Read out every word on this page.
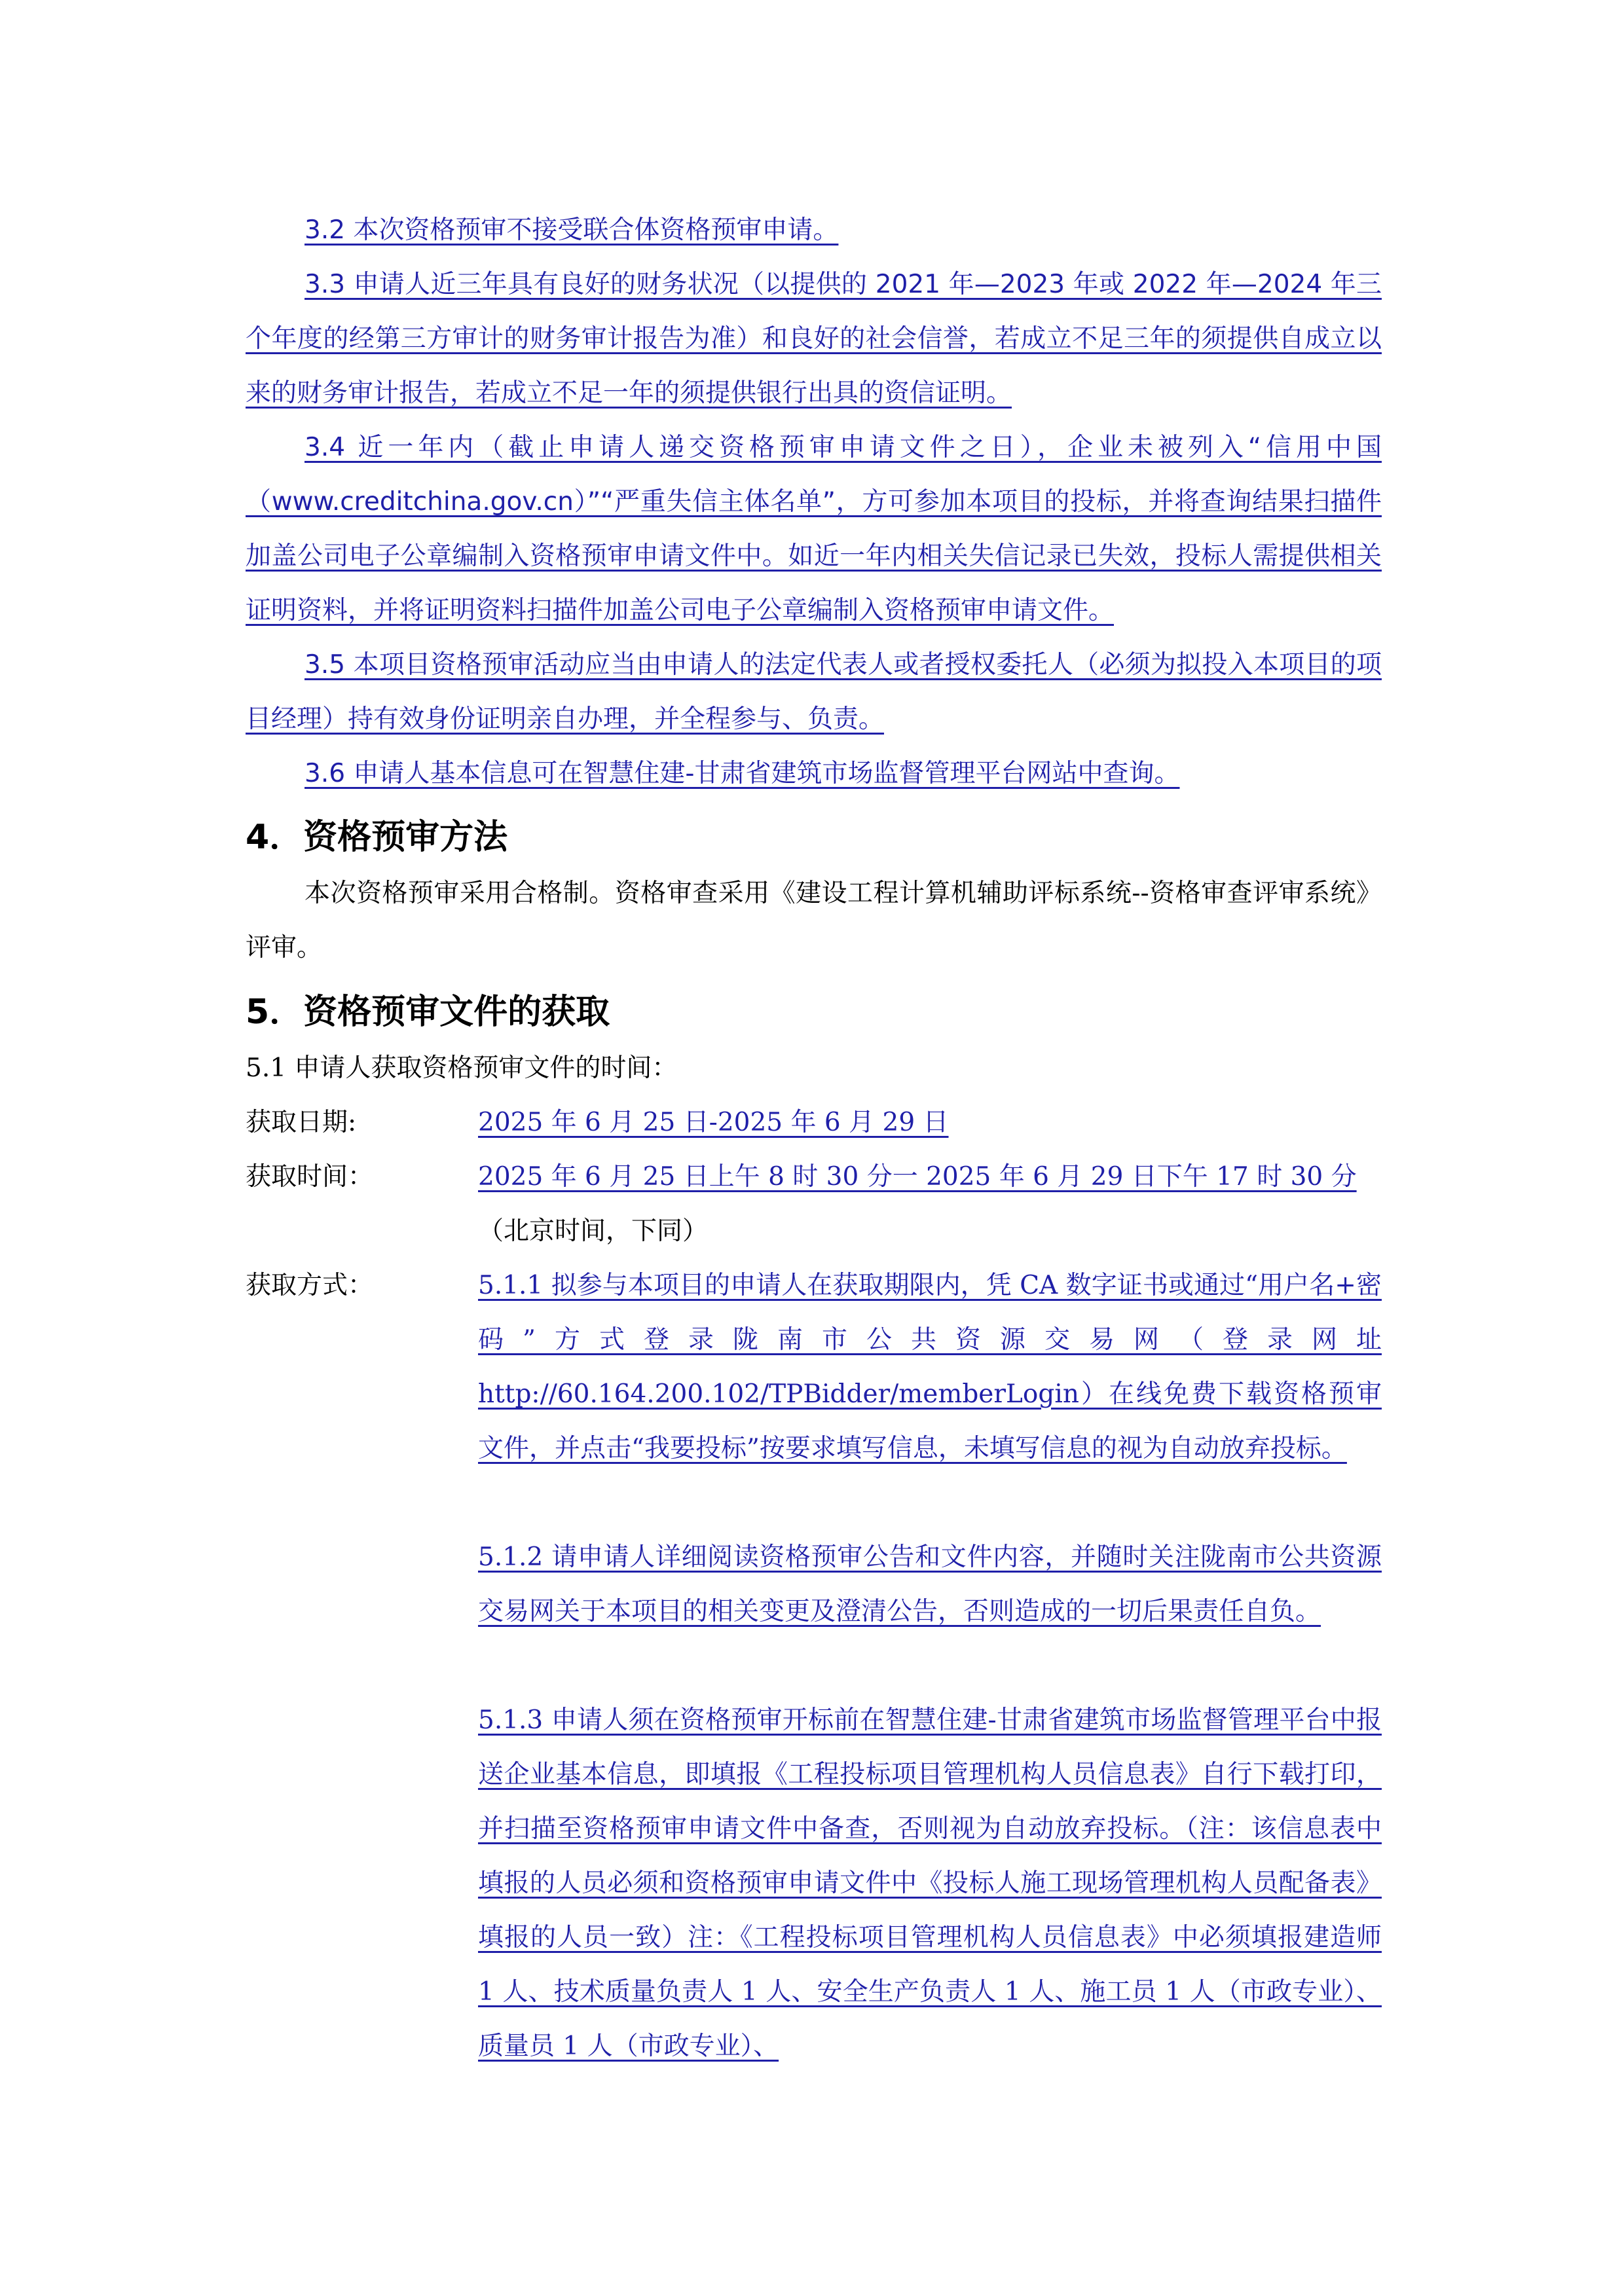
3.2 本次资格预审不接受联合体资格预审申请。

3.3 申请人近三年具有良好的财务状况（以提供的 2021 年—2023 年或 2022 年—2024 年三个年度的经第三方审计的财务审计报告为准）和良好的社会信誉，若成立不足三年的须提供自成立以来的财务审计报告，若成立不足一年的须提供银行出具的资信证明。

3.4 近一年内（截止申请人递交资格预审申请文件之日），企业未被列入“信用中国（www.creditchina.gov.cn）”“严重失信主体名单”，方可参加本项目的投标，并将查询结果扫描件加盖公司电子公章编制入资格预审申请文件中。如近一年内相关失信记录已失效，投标人需提供相关证明资料，并将证明资料扫描件加盖公司电子公章编制入资格预审申请文件。

3.5 本项目资格预审活动应当由申请人的法定代表人或者授权委托人（必须为拟投入本项目的项目经理）持有效身份证明亲自办理，并全程参与、负责。

3.6 申请人基本信息可在智慧住建-甘肃省建筑市场监督管理平台网站中查询。

4．资格预审方法

本次资格预审采用合格制。资格审查采用《建设工程计算机辅助评标系统--资格审查评审系统》评审。

5．资格预审文件的获取

5.1 申请人获取资格预审文件的时间：

获取日期:	2025 年 6 月 25 日-2025 年 6 月 29 日
获取时间：	2025 年 6 月 25 日上午 8 时 30 分一 2025 年 6 月 29 日下午 17 时 30 分
（北京时间，下同）
获取方式：	5.1.1 拟参与本项目的申请人在获取期限内，凭 CA 数字证书或通过“用户名+密码”方式登录陇南市公共资源交易网（登录网址 http://60.164.200.102/TPBidder/memberLogin）在线免费下载资格预审文件，并点击“我要投标”按要求填写信息，未填写信息的视为自动放弃投标。
5.1.2 请申请人详细阅读资格预审公告和文件内容，并随时关注陇南市公共资源交易网关于本项目的相关变更及澄清公告，否则造成的一切后果责任自负。
5.1.3 申请人须在资格预审开标前在智慧住建-甘肃省建筑市场监督管理平台中报送企业基本信息，即填报《工程投标项目管理机构人员信息表》自行下载打印，并扫描至资格预审申请文件中备查，否则视为自动放弃投标。（注：该信息表中填报的人员必须和资格预审申请文件中《投标人施工现场管理机构人员配备表》填报的人员一致）注：《工程投标项目管理机构人员信息表》中必须填报建造师 1 人、技术质量负责人 1 人、安全生产负责人 1 人、施工员 1 人（市政专业）、质量员 1 人（市政专业）、
